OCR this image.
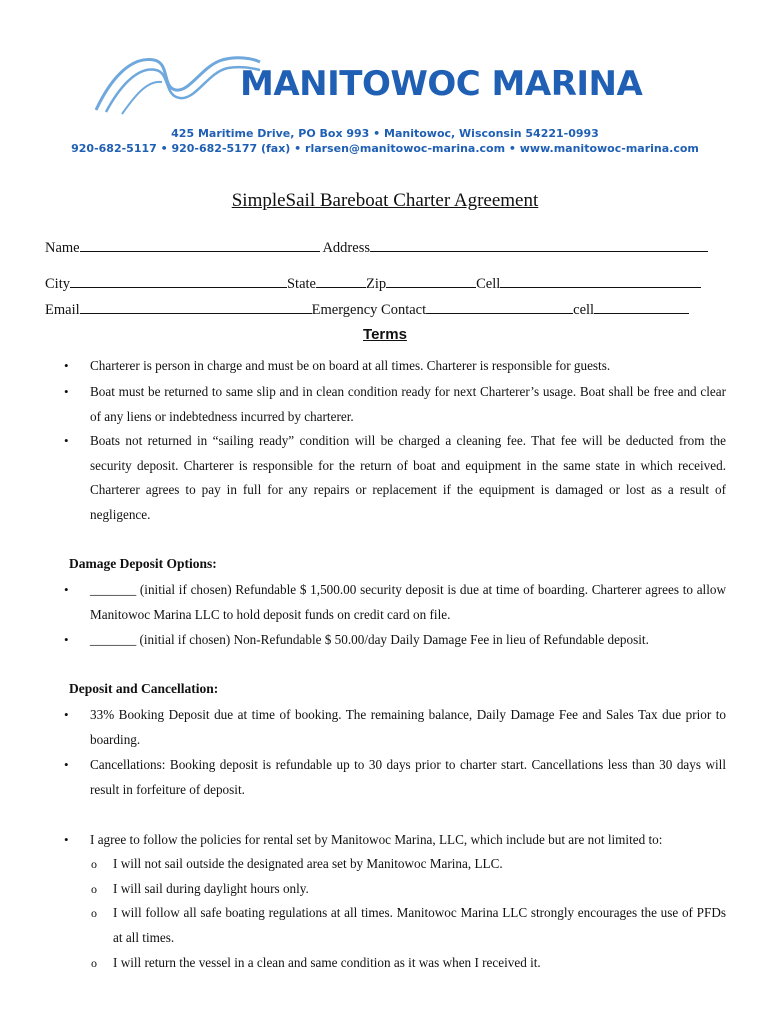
MANITOWOC MARINA
425 Maritime Drive, PO Box 993 • Manitowoc, Wisconsin 54221-0993
920-682-5117 • 920-682-5177 (fax) • rlarsen@manitowoc-marina.com • www.manitowoc-marina.com
SimpleSail Bareboat Charter Agreement
Name	Address
City	State	Zip	Cell
Email	Emergency Contact	cell
Terms
• Charterer is person in charge and must be on board at all times. Charterer is responsible for guests.
• Boat must be returned to same slip and in clean condition ready for next Charterer’s usage. Boat shall be free and clear of any liens or indebtedness incurred by charterer.
• Boats not returned in “sailing ready” condition will be charged a cleaning fee. That fee will be deducted from the security deposit. Charterer is responsible for the return of boat and equipment in the same state in which received. Charterer agrees to pay in full for any repairs or replacement if the equipment is damaged or lost as a result of negligence.
Damage Deposit Options:
• _______ (initial if chosen) Refundable $ 1,500.00 security deposit is due at time of boarding. Charterer agrees to allow Manitowoc Marina LLC to hold deposit funds on credit card on file.
• _______ (initial if chosen) Non-Refundable $ 50.00/day Daily Damage Fee in lieu of Refundable deposit.
Deposit and Cancellation:
• 33% Booking Deposit due at time of booking. The remaining balance, Daily Damage Fee and Sales Tax due prior to boarding.
• Cancellations: Booking deposit is refundable up to 30 days prior to charter start. Cancellations less than 30 days will result in forfeiture of deposit.
• I agree to follow the policies for rental set by Manitowoc Marina, LLC, which include but are not limited to:
o I will not sail outside the designated area set by Manitowoc Marina, LLC.
o I will sail during daylight hours only.
o I will follow all safe boating regulations at all times. Manitowoc Marina LLC strongly encourages the use of PFDs at all times.
o I will return the vessel in a clean and same condition as it was when I received it.
